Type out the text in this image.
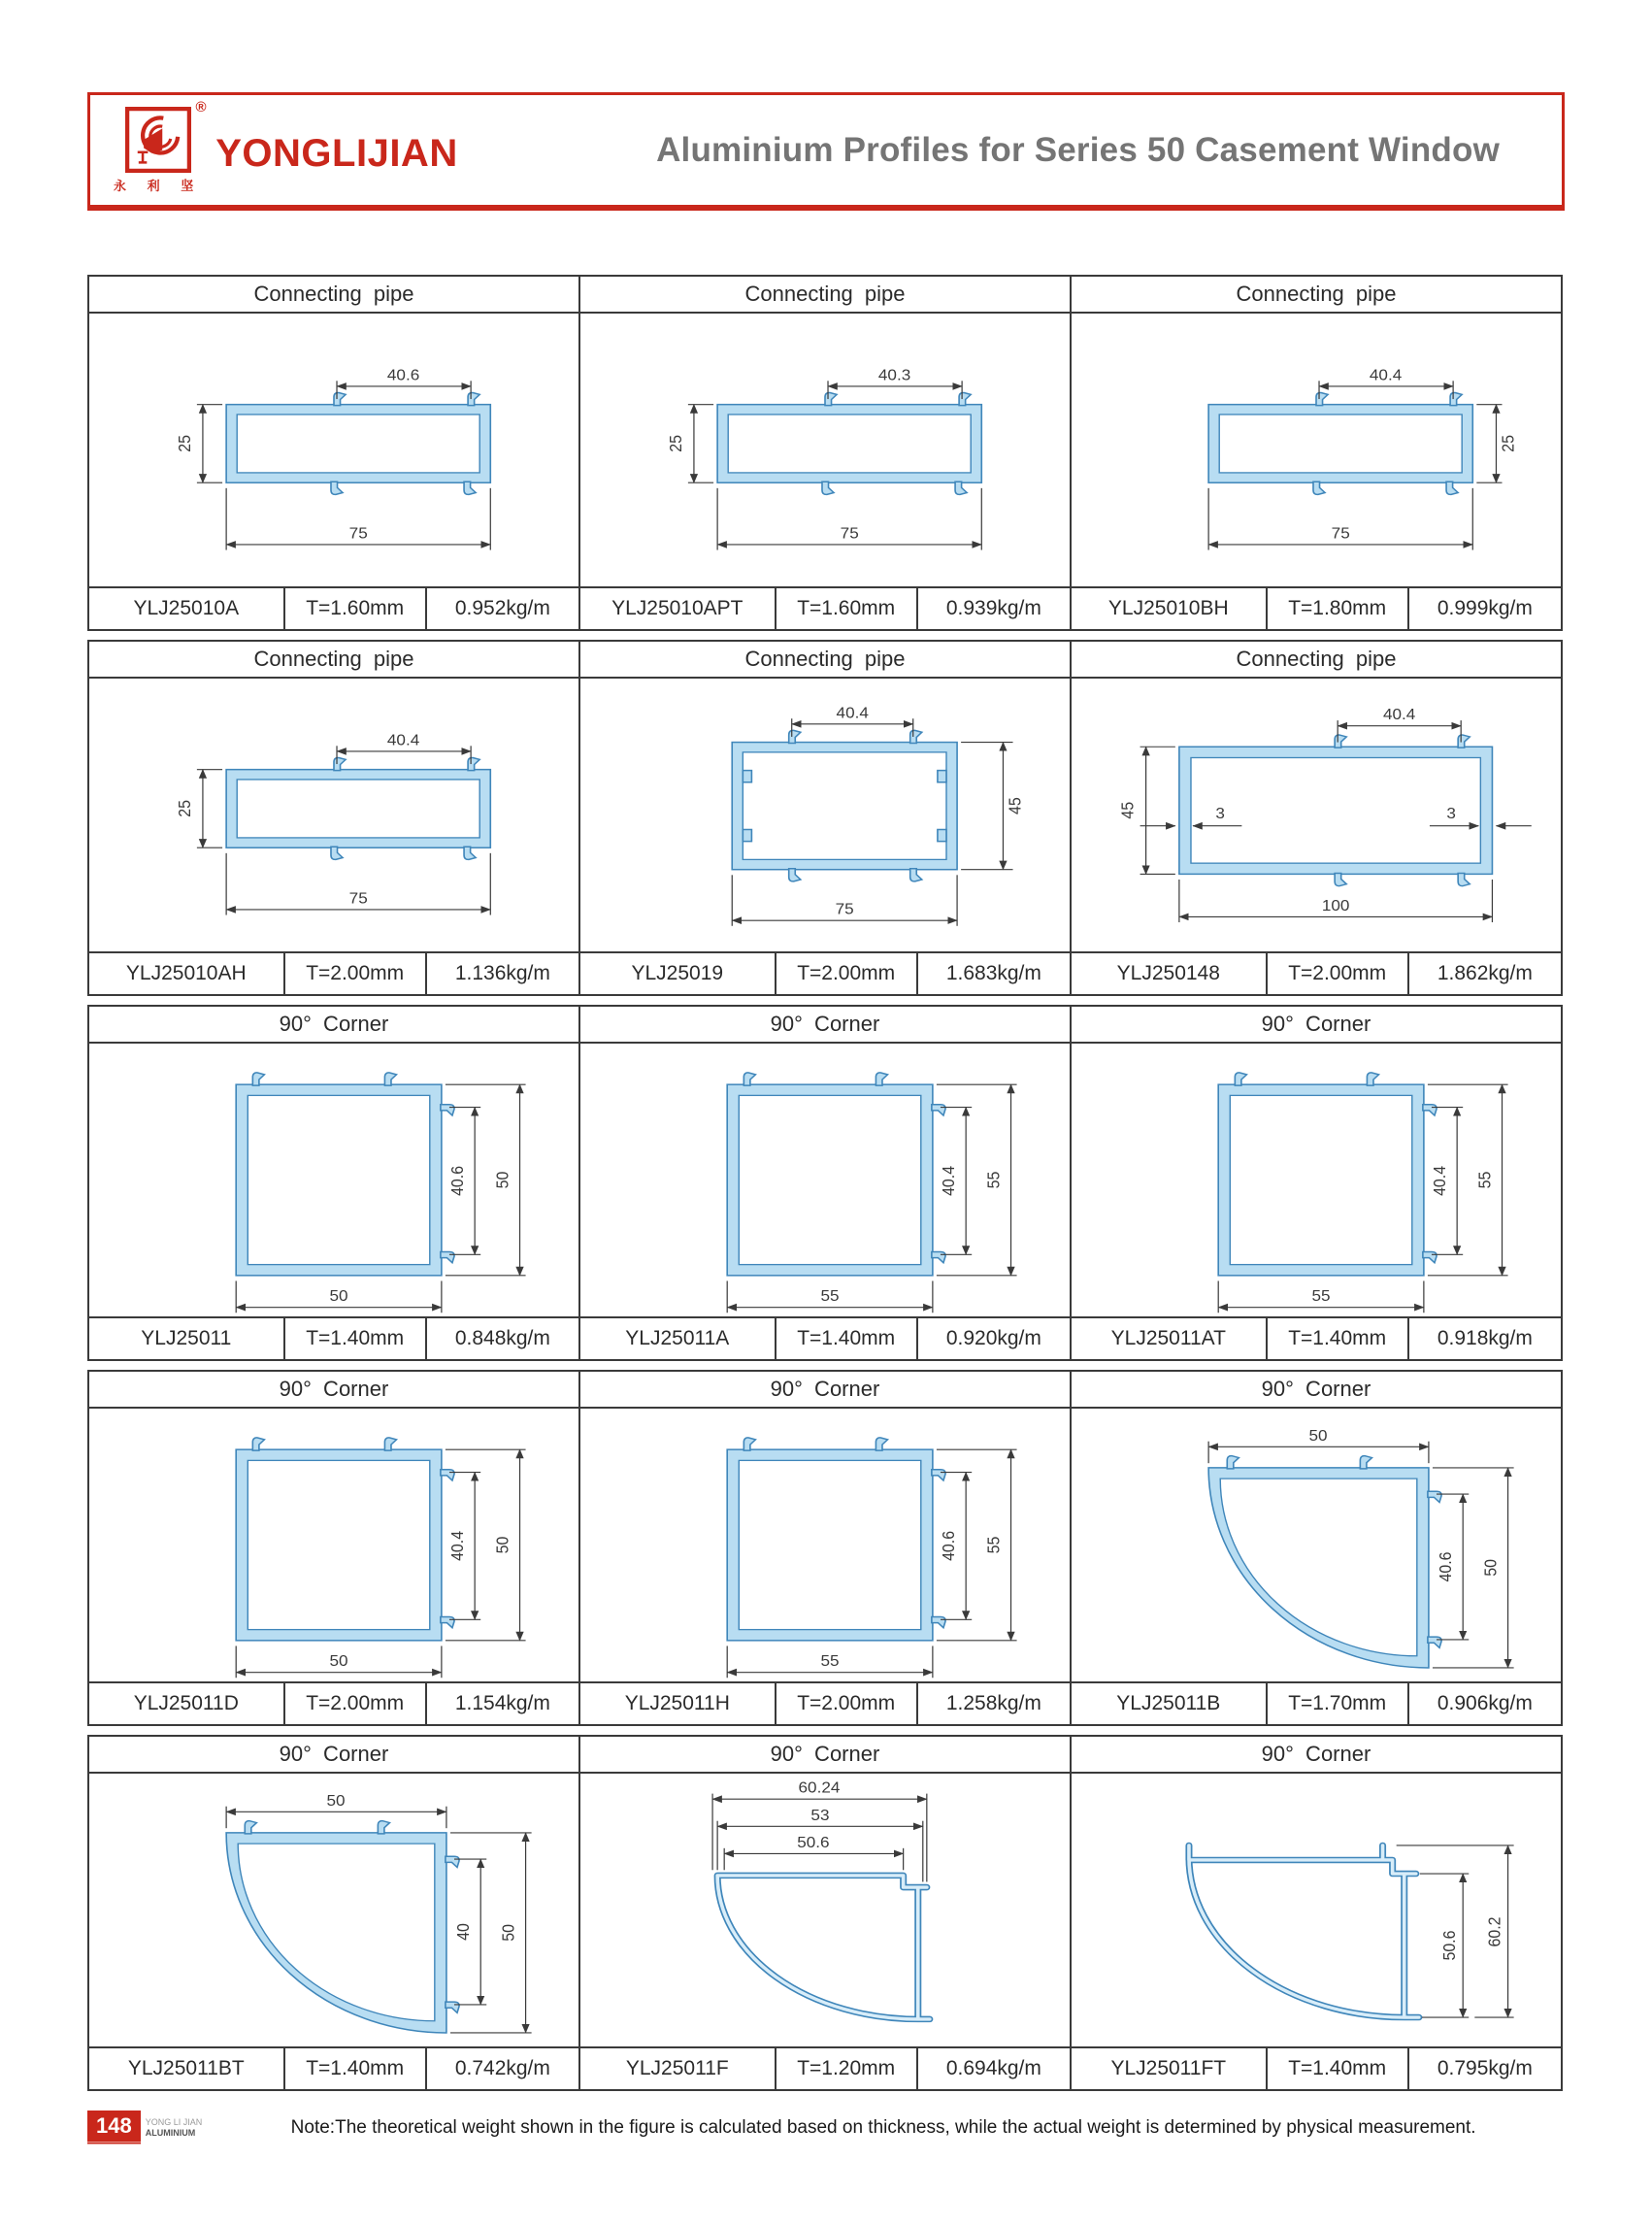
®
永 利 坚
YONGLIJIAN	Aluminium Profiles for Series 50 Casement Window
Connecting pipe
40.6
25
75
YLJ25010A	T=1.60mm	0.952kg/m
Connecting pipe
40.3
25
75
YLJ25010APT	T=1.60mm	0.939kg/m
Connecting pipe
40.4
25
75
YLJ25010BH	T=1.80mm	0.999kg/m
Connecting pipe
40.4
25
75
YLJ25010AH	T=2.00mm	1.136kg/m
Connecting pipe
40.4
45
75
YLJ25019	T=2.00mm	1.683kg/m
Connecting pipe
40.4
45	3	3
100
YLJ250148	T=2.00mm	1.862kg/m
90° Corner
40.6 50
50
YLJ25011	T=1.40mm	0.848kg/m
90° Corner
40.4 55
55
YLJ25011A	T=1.40mm	0.920kg/m
90° Corner
40.4 55
55
YLJ25011AT	T=1.40mm	0.918kg/m
90° Corner
40.4 50
50
YLJ25011D	T=2.00mm	1.154kg/m
90° Corner
40.6 55
55
YLJ25011H	T=2.00mm	1.258kg/m
90° Corner
50
40.6 50
YLJ25011B	T=1.70mm	0.906kg/m
90° Corner
50
40 50
YLJ25011BT	T=1.40mm	0.742kg/m
90° Corner
60.24
53
50.6
YLJ25011F	T=1.20mm	0.694kg/m
90° Corner
50.6 60.2
YLJ25011FT	T=1.40mm	0.795kg/m
148	YONG LI JIAN
ALUMINIUM	Note:The theoretical weight shown in the figure is calculated based on thickness, while the actual weight is determined by physical measurement.
